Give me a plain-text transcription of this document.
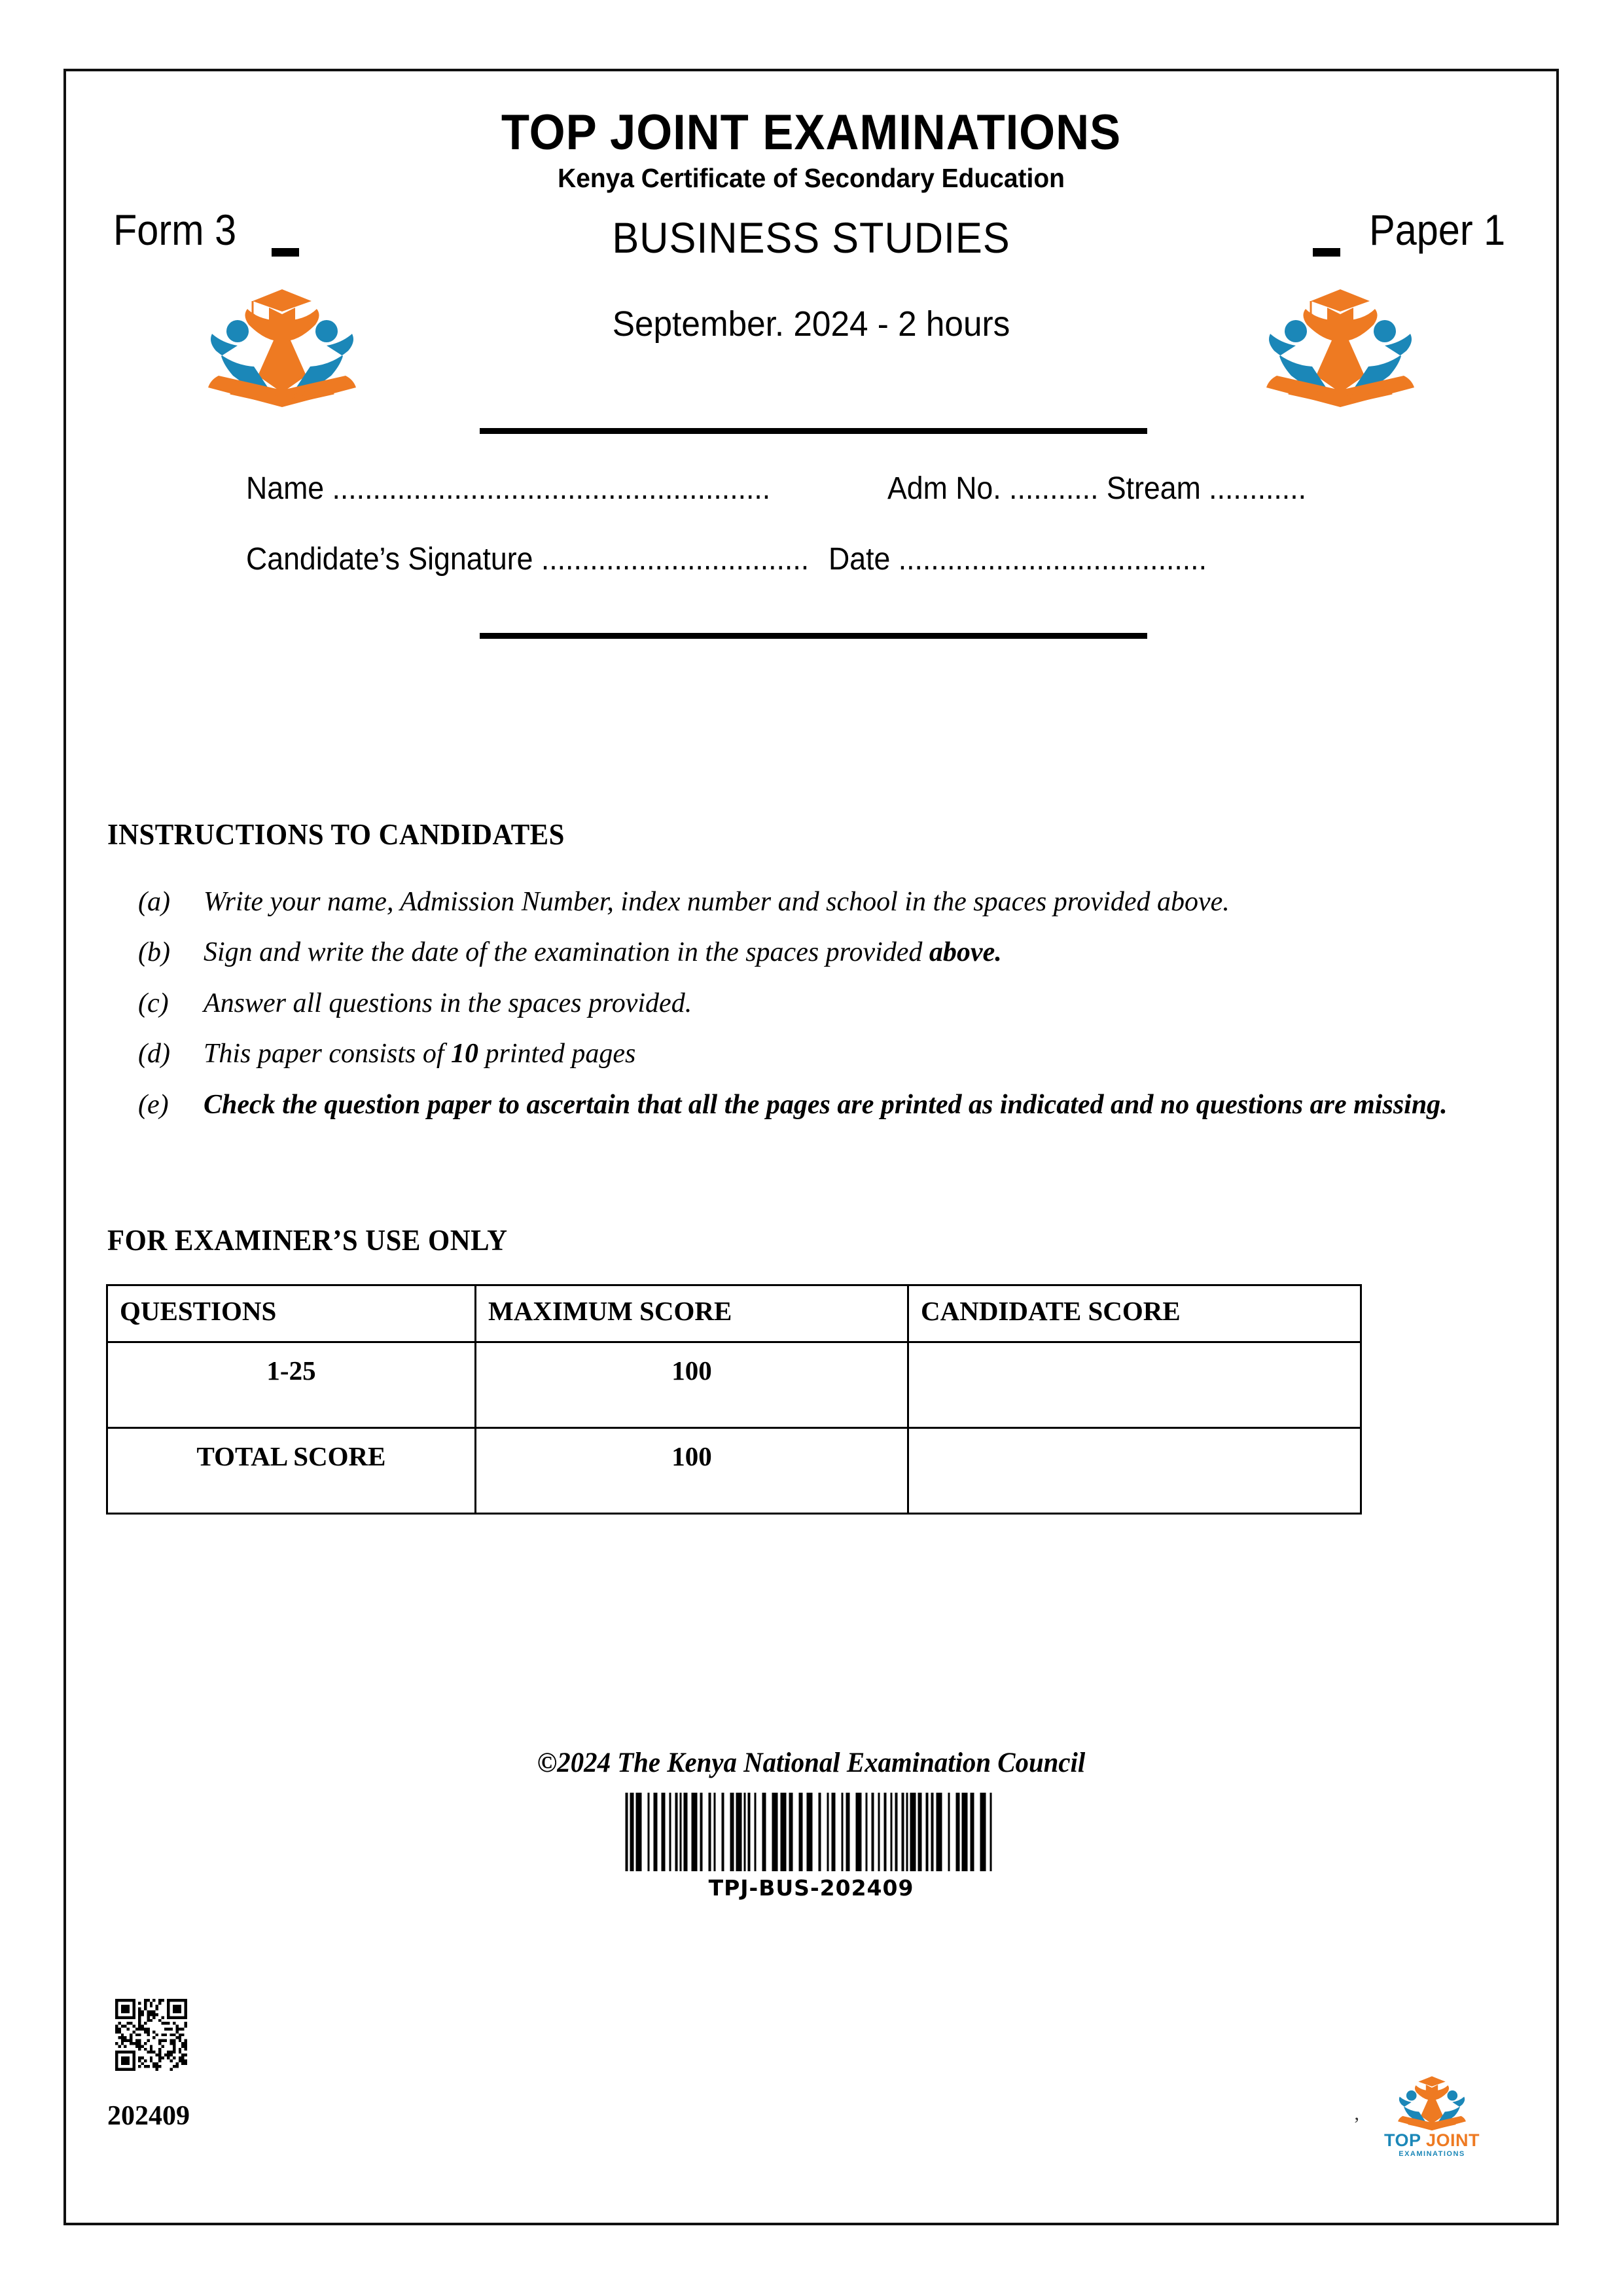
TOP JOINT EXAMINATIONS
Kenya Certificate of Secondary Education
Form 3	BUSINESS STUDIES	Paper 1
September. 2024 - 2 hours
Name ......................................................	Adm No. ........... Stream ............
Candidate’s Signature ................................. Date ......................................
INSTRUCTIONS TO CANDIDATES
(a)	Write your name, Admission Number, index number and school in the spaces provided above.
(b)	Sign and write the date of the examination in the spaces provided above.
(c)	Answer all questions in the spaces provided.
(d)	This paper consists of 10 printed pages
(e)	Check the question paper to ascertain that all the pages are printed as indicated and no questions are missing.
FOR EXAMINER’S USE ONLY
QUESTIONS	MAXIMUM SCORE	CANDIDATE SCORE
1-25	100	
TOTAL SCORE	100	
©2024 The Kenya National Examination Council
TPJ-BUS-202409
202409	’
TOP JOINT
EXAMINATIONS
